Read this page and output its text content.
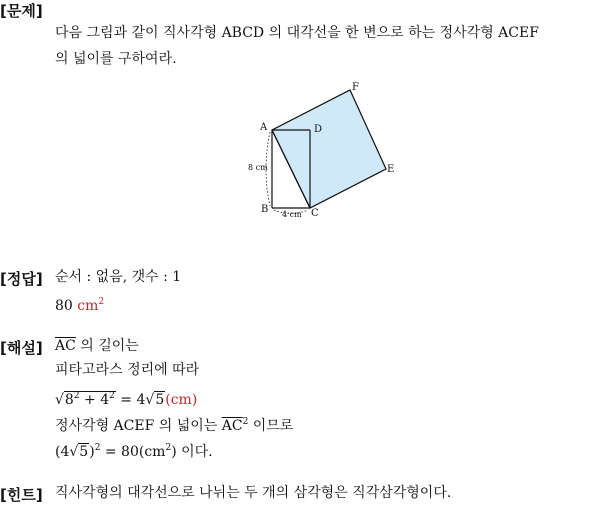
[문제]
다음 그림과 같이 직사각형 ABCD 의 대각선을 한 변으로 하는 정사각형 ACEF
의 넓이를 구하여라.
A	D
B	C
E
F
8 cm
4 cm
[정답] 순서 : 없음, 갯수 : 1
80 $cm^2$
[해설] $\overline{AC}$ 의 길이는
피타고라스 정리에 따라
$√8^2 + 4^2 = 4√5(cm)$
정사각형 ACEF 의 넓이는 $\overline{AC}^2$ 이므로
$(4√5)^2 = 80(cm^2)$ 이다.
[힌트] 직사각형의 대각선으로 나뉘는 두 개의 삼각형은 직각삼각형이다.
